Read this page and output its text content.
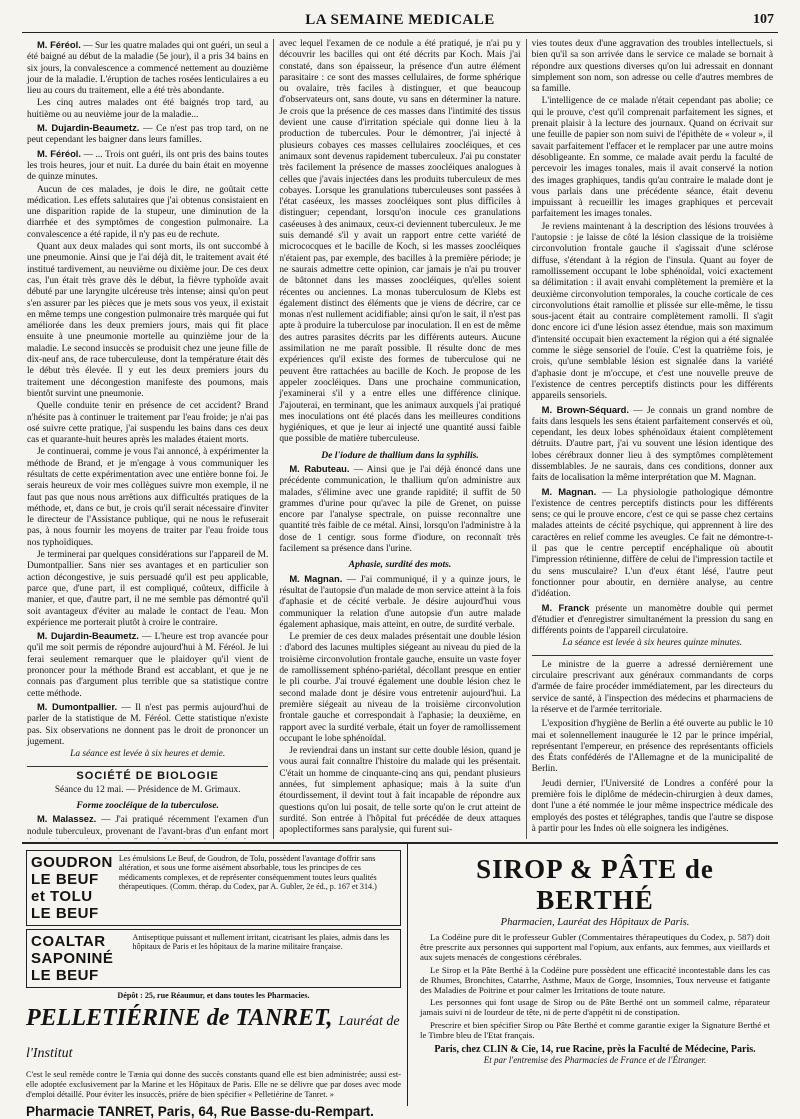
LA SEMAINE MEDICALE	107

M. Féréol. — Sur les quatre malades qui ont guéri, un seul a été baigné au début de la maladie (5e jour), il a pris 34 bains en six jours, la convalescence a commencé nettement au douzième jour de la maladie. L'éruption de taches rosées lenticulaires a eu lieu au cours du traitement, elle a été très abondante.

Les cinq autres malades ont été baignés trop tard, au huitième ou au neuvième jour de la maladie...

M. Dujardin-Beaumetz. — Ce n'est pas trop tard, on ne peut cependant les baigner dans leurs familles.

M. Féréol. — ... Trois ont guéri, ils ont pris des bains toutes les trois heures, jour et nuit. La durée du bain était en moyenne de quinze minutes.

Aucun de ces malades, je dois le dire, ne goûtait cette médication. Les effets salutaires que j'ai obtenus consistaient en une disparition rapide de la stupeur, une diminution de la diarrhée et des symptômes de congestion pulmonaire. La convalescence a été rapide, il n'y pas eu de rechute.

Quant aux deux malades qui sont morts, ils ont succombé à une pneumonie. Ainsi que je l'ai déjà dit, le traitement avait été institué tardivement, au neuvième ou dixième jour. De ces deux cas, l'un était très grave dès le début, la fièvre typhoïde avait débuté par une laryngite ulcéreuse très intense; ainsi qu'on peut s'en assurer par les pièces que je mets sous vos yeux, il existait en même temps une congestion pulmonaire très marquée qui fut améliorée dans les deux premiers jours, mais qui fit place ensuite à une pneumonie mortelle au quinzième jour de la maladie. Le second insuccès se produisit chez une jeune fille de dix-neuf ans, de race tuberculeuse, dont la température était dès le début très élevée. Il y eut les deux premiers jours du traitement une décongestion manifeste des poumons, mais bientôt survint une pneumonie.

Quelle conduite tenir en présence de cet accident? Brand n'hésite pas à continuer le traitement par l'eau froide; je n'ai pas osé suivre cette pratique, j'ai suspendu les bains dans ces deux cas et quarante-huit heures après les malades étaient morts.

Je continuerai, comme je vous l'ai annoncé, à expérimenter la méthode de Brand, et je m'engage à vous communiquer les résultats de cette expérimentation avec une entière bonne foi. Je serais heureux de voir mes collègues suivre mon exemple, il ne faut pas que nous nous arrêtions aux difficultés pratiques de la méthode, et, dans ce but, je crois qu'il serait nécessaire d'inviter le directeur de l'Assistance publique, qui ne nous le refuserait pas, à nous fournir les moyens de traiter par l'eau froide tous nos typhoïdiques.

Je terminerai par quelques considérations sur l'appareil de M. Dumontpallier. Sans nier ses avantages et en particulier son action décongestive, je suis persuadé qu'il est peu applicable, parce que, d'une part, il est compliqué, coûteux, difficile à manier, et que, d'autre part, il ne me semble pas démontré qu'il soit avantageux d'éviter au malade le contact de l'eau. Mon expérience me porterait plutôt à croire le contraire.

M. Dujardin-Beaumetz. — L'heure est trop avancée pour qu'il me soit permis de répondre aujourd'hui à M. Féréol. Je lui ferai seulement remarquer que le plaidoyer qu'il vient de prononcer pour la méthode Brand est accablant, et que je ne connais pas d'argument plus terrible que sa statistique contre cette méthode.

M. Dumontpallier. — Il n'est pas permis aujourd'hui de parler de la statistique de M. Féréol. Cette statistique n'existe pas. Six observations ne donnent pas le droit de prononcer un jugement.

La séance est levée à six heures et demie.
SOCIÉTÉ DE BIOLOGIE
Séance du 12 mai. — Présidence de M. Grimaux.
Forme zoocléique de la tuberculose.

M. Malassez. — J'ai pratiqué récemment l'examen d'un nodule tuberculeux, provenant de l'avant-bras d'un enfant mort

avec lequel l'examen de ce nodule a été pratiqué, je n'ai pu y découvrir les bacilles qui ont été décrits par Koch. Mais j'ai constaté, dans son épaisseur, la présence d'un autre élément parasitaire : ce sont des masses cellulaires, de forme sphérique ou ovalaire, très faciles à distinguer, et que beaucoup d'observateurs ont, sans doute, vu sans en déterminer la nature. Je crois que la présence de ces masses dans l'intimité des tissus devient une cause d'irritation spéciale qui donne lieu à la production de tubercules. Pour le démontrer, j'ai injecté à plusieurs cobayes ces masses cellulaires zoocléiques, et ces animaux sont devenus rapidement tuberculeux. J'ai pu constater très facilement la présence de masses zoocléiques analogues à celles que j'avais injectées dans les produits tuberculeux de mes cobayes. Lorsque les granulations tuberculeuses sont passées à l'état caséeux, les masses zoocléiques sont plus difficiles à distinguer; cependant, lorsqu'on inocule ces granulations caséeuses à des animaux, ceux-ci deviennent tuberculeux. Je me suis demandé s'il y avait un rapport entre cette variété de micrococques et le bacille de Koch, si les masses zoocléiques n'étaient pas, par exemple, des bacilles à la première période; je ne saurais admettre cette opinion, car jamais je n'ai pu trouver de bâtonnet dans les masses zoocléiques, qu'elles soient récentes ou anciennes. La monas tuberculosum de Klebs est également distinct des éléments que je viens de décrire, car ce monas n'est nullement acidifiable; ainsi qu'on le sait, il n'est pas apte à produire la tuberculose par inoculation. Il en est de même des autres parasites décrits par les différents auteurs. Aucune assimilation ne me paraît possible. Il résulte donc de mes expériences qu'il existe des formes de tuberculose qui ne peuvent être rattachées au bacille de Koch. Je propose de les appeler zoocléiques. Dans une prochaine communication, j'examinerai s'il y a entre elles une différence clinique. J'ajouterai, en terminant, que les animaux auxquels j'ai pratiqué mes inoculations ont été placés dans les meilleures conditions hygiéniques, et que je leur ai injecté une quantité aussi faible que possible de matière tuberculeuse.

De l'iodure de thallium dans la syphilis.

M. Rabuteau. — Ainsi que je l'ai déjà énoncé dans une précédente communication, le thallium qu'on administre aux malades, s'élimine avec une grande rapidité; il suffit de 50 grammes d'urine pour qu'avec la pile de Grenet, on puisse encore par l'analyse spectrale, on puisse reconnaître une quantité très faible de ce métal. Ainsi, lorsqu'on l'administre à la dose de 1 centigr. sous forme d'iodure, on reconnaît très facilement sa présence dans l'urine.

Aphasie, surdité des mots.

M. Magnan. — J'ai communiqué, il y a quinze jours, le résultat de l'autopsie d'un malade de mon service atteint à la fois d'aphasie et de cécité verbale. Je désire aujourd'hui vous communiquer la relation d'une autopsie d'un autre malade également aphasique, mais atteint, en outre, de surdité verbale.

Le premier de ces deux malades présentait une double lésion : d'abord des lacunes multiples siégeant au niveau du pied de la troisième circonvolution frontale gauche, ensuite un vaste foyer de ramollissement sphéno-pariétal, décollant presque en entier le pli courbe. J'ai trouvé également une double lésion chez le second malade dont je désire vous entretenir aujourd'hui. La première siégeait au niveau de la troisième circonvolution frontale gauche et correspondait à l'aphasie; la deuxième, en rapport avec la surdité verbale, était un foyer de ramollissement occupant le lobe sphénoïdal.

Je reviendrai dans un instant sur cette double lésion, quand je vous aurai fait connaître l'histoire du malade qui les présentait. C'était un homme de cinquante-cinq ans qui, pendant plusieurs années, fut simplement aphasique; mais à la suite d'un étourdissement, il devint tout à fait incapable de répondre aux questions qu'on lui posait, de telle sorte qu'on le crut atteint de surdité. Son entrée à l'hôpital fut précédée de deux attaques apoplectiformes sans paralysie, qui furent sui-

vies toutes deux d'une aggravation des troubles intellectuels, si bien qu'il sa son arrivée dans le service ce malade se bornait à répondre aux questions diverses qu'on lui adressait en donnant simplement son nom, son adresse ou celle d'autres membres de sa famille.

L'intelligence de ce malade n'était cependant pas abolie; ce qui le prouve, c'est qu'il comprenait parfaitement les signes, et prenait plaisir à la lecture des journaux. Quand on écrivait sur une feuille de papier son nom suivi de l'épithète de « voleur », il savait parfaitement l'effacer et le remplacer par une autre moins désobligeante. En somme, ce malade avait perdu la faculté de percevoir les images tonales, mais il avait conservé la notion des images graphiques, tandis qu'au contraire le malade dont je vous parlais dans une précédente séance, était devenu impuissant à recueillir les images graphiques et percevait parfaitement les images tonales.

Je reviens maintenant à la description des lésions trouvées à l'autopsie : je laisse de côté la lésion classique de la troisième circonvolution frontale gauche il s'agissait d'une sclérose diffuse, s'étendant à la région de l'insula. Quant au foyer de ramollissement occupant le lobe sphénoïdal, voici exactement sa délimitation : il avait envahi complètement la première et la deuxième circonvolution temporales, la couche corticale de ces circonvolutions était ramollie et plissée sur elle-même, le tissu sous-jacent était au contraire complètement ramolli. Il s'agit donc encore ici d'une lésion assez étendue, mais son maximum d'intensité occupait bien exactement la région qui a été signalée comme le siège sensoriel de l'ouïe. C'est la quatrième fois, je crois, qu'une semblable lésion est signalée dans la variété d'aphasie dont je m'occupe, et c'est une nouvelle preuve de l'existence de centres perceptifs distincts pour les différents appareils sensoriels.

M. Brown-Séquard. — Je connais un grand nombre de faits dans lesquels les sens étaient parfaitement conservés et où, cependant, les deux lobes sphénoïdaux étaient complètement détruits. D'autre part, j'ai vu souvent une lésion identique des lobes cérébraux donner lieu à des symptômes complètement dissemblables. Je ne saurais, dans ces conditions, donner aux faits de localisation la même interprétation que M. Magnan.

M. Magnan. — La physiologie pathologique démontre l'existence de centres perceptifs distincts pour les différents sens; ce qui le prouve encore, c'est ce qui se passe chez certains malades atteints de cécité psychique, qui apprennent à lire des caractères en relief comme les aveugles. Ce fait ne démontre-t-il pas que le centre perceptif encéphalique où aboutit l'impression rétinienne, diffère de celui de l'impression tactile et du sens musculaire? L'un d'eux étant lésé, l'autre peut fonctionner pour aboutir, en dernière analyse, au centre d'idéation.

M. Franck présente un manomètre double qui permet d'étudier et d'enregistrer simultanément la pression du sang en différents points de l'appareil circulatoire.

La séance est levée à six heures quinze minutes.

Le ministre de la guerre a adressé dernièrement une circulaire prescrivant aux généraux commandants de corps d'armée de faire procéder immédiatement, par les directeurs du service de santé, à l'inspection des médecins et pharmaciens de la réserve et de l'armée territoriale.

L'exposition d'hygiène de Berlin a été ouverte au public le 10 mai et solennellement inaugurée le 12 par le prince impérial, représentant l'empereur, en présence des représentants officiels des États confédérés de l'Allemagne et de la municipalité de Berlin.

Jeudi dernier, l'Université de Londres a conféré pour la première fois le diplôme de médecin-chirurgien à deux dames, dont l'une a été nommée le jour même inspectrice médicale des employés des postes et télégraphes, tandis que l'autre se dispose à partir pour les Indes où elle soignera les indigènes.

GOUDRON LE BEUF et TOLU LE BEUF
Les émulsions Le Beuf, de Goudron, de Tolu, possèdent l'avantage d'offrir sans altération, et sous une forme aisément absorbable, tous les principes de ces médicaments complexes, et de représenter conséquemment toutes leurs qualités thérapeutiques. (Comm. thérap. du Codex, par A. Gubler, 2e éd., p. 167 et 314.)
COALTAR SAPONINÉ LE BEUF
Antiseptique puissant et nullement irritant, cicatrisant les plaies, admis dans les hôpitaux de Paris et les hôpitaux de la marine militaire française.
Dépôt : 25, rue Réaumur, et dans toutes les Pharmacies.
PELLETIÉRINE de TANRET, Lauréat de l'Institut
C'est le seul remède contre le Tænia qui donne des succès constants quand elle est bien administrée; aussi est-elle adoptée exclusivement par la Marine et les Hôpitaux de Paris. Elle ne se délivre que par doses avec mode d'emploi détaillé. Pour éviter les insuccès, prière de bien spécifier « Pelletiérine de Tanret. »
Pharmacie TANRET, Paris, 64, Rue Basse-du-Rempart.
SIROP & PÂTE de BERTHÉ
Pharmacien, Lauréat des Hôpitaux de Paris.

La Codéine pure dit le professeur Gubler (Commentaires thérapeutiques du Codex, p. 587) doit être prescrite aux personnes qui supportent mal l'opium, aux enfants, aux femmes, aux vieillards et aux sujets menacés de congestions cérébrales.

Le Sirop et la Pâte Berthé à la Codéine pure possèdent une efficacité incontestable dans les cas de Rhumes, Bronchites, Catarrhe, Asthme, Maux de Gorge, Insomnies, Toux nerveuse et fatigante des Maladies de Poitrine et pour calmer les Irritations de toute nature.

Les personnes qui font usage de Sirop ou de Pâte Berthé ont un sommeil calme, réparateur jamais suivi ni de lourdeur de tête, ni de perte d'appétit ni de constipation.

Prescrire et bien spécifier Sirop ou Pâte Berthé et comme garantie exiger la Signature Berthé et le Timbre bleu de l'Etat français.

Paris, chez CLIN & Cie, 14, rue Racine, près la Faculté de Médecine, Paris.
Et par l'entremise des Pharmacies de France et de l'Étranger.
